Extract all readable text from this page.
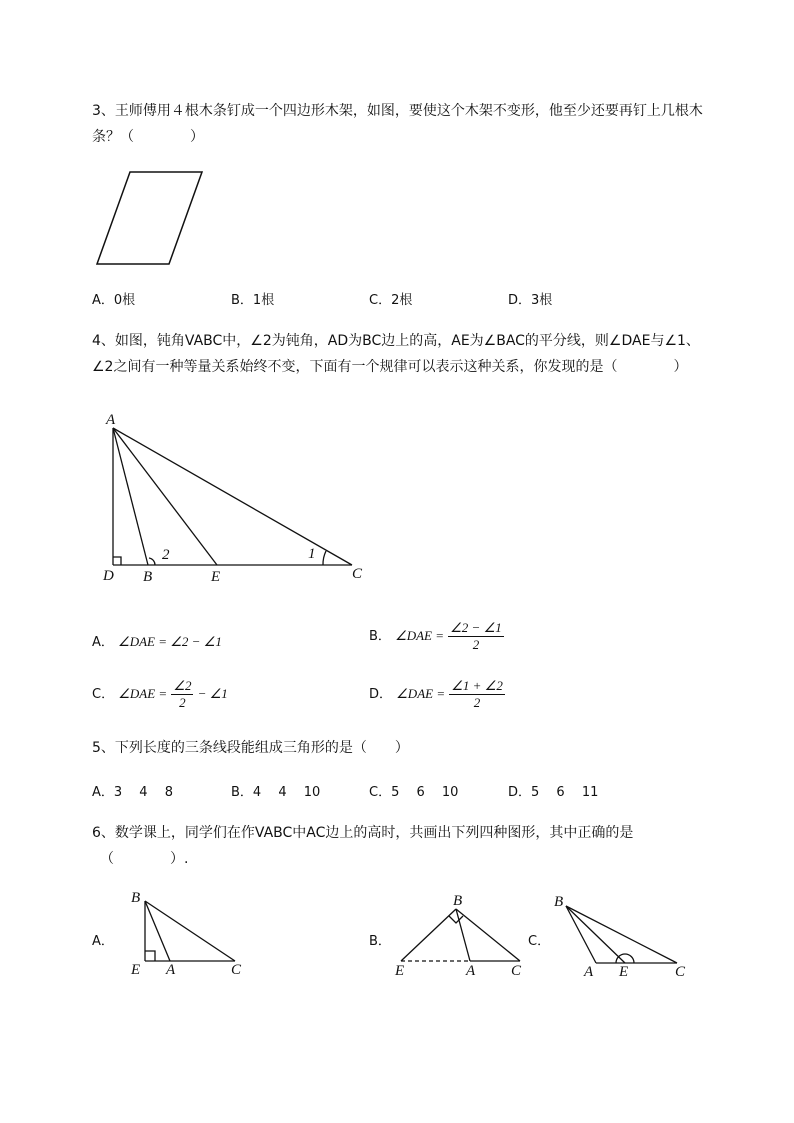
3、王师傅用４根木条钉成一个四边形木架，如图，要使这个木架不变形，他至少还要再钉上几根木
条？（　　　　）
A．0根	B．1根	C．2根	D．3根
4、如图，钝角VABC中，∠2为钝角，AD为BC边上的高，AE为∠BAC的平分线，则∠DAE与∠1、
∠2之间有一种等量关系始终不变，下面有一个规律可以表示这种关系，你发现的是（　　　　）
A
D B	E	C
1
2
A． ∠DAE = ∠2 − ∠1	B． ∠DAE = $\frac{\angle 2 - \angle 1}{2}$
C． ∠DAE = $\frac{\angle 2}{2}$ − ∠1	D． ∠DAE = $\frac{\angle 1 + \angle 2}{2}$
5、下列长度的三条线段能组成三角形的是（　　）
A．3　 4　 8	B．4　 4　 10	C．5　 6　 10	D．5　 6　 11
6、数学课上，同学们在作VABC中AC边上的高时，共画出下列四种图形，其中正确的是
（　　　　）.
A．	B．	C．
B
E A	C
B
E	A C
B
A E	C
